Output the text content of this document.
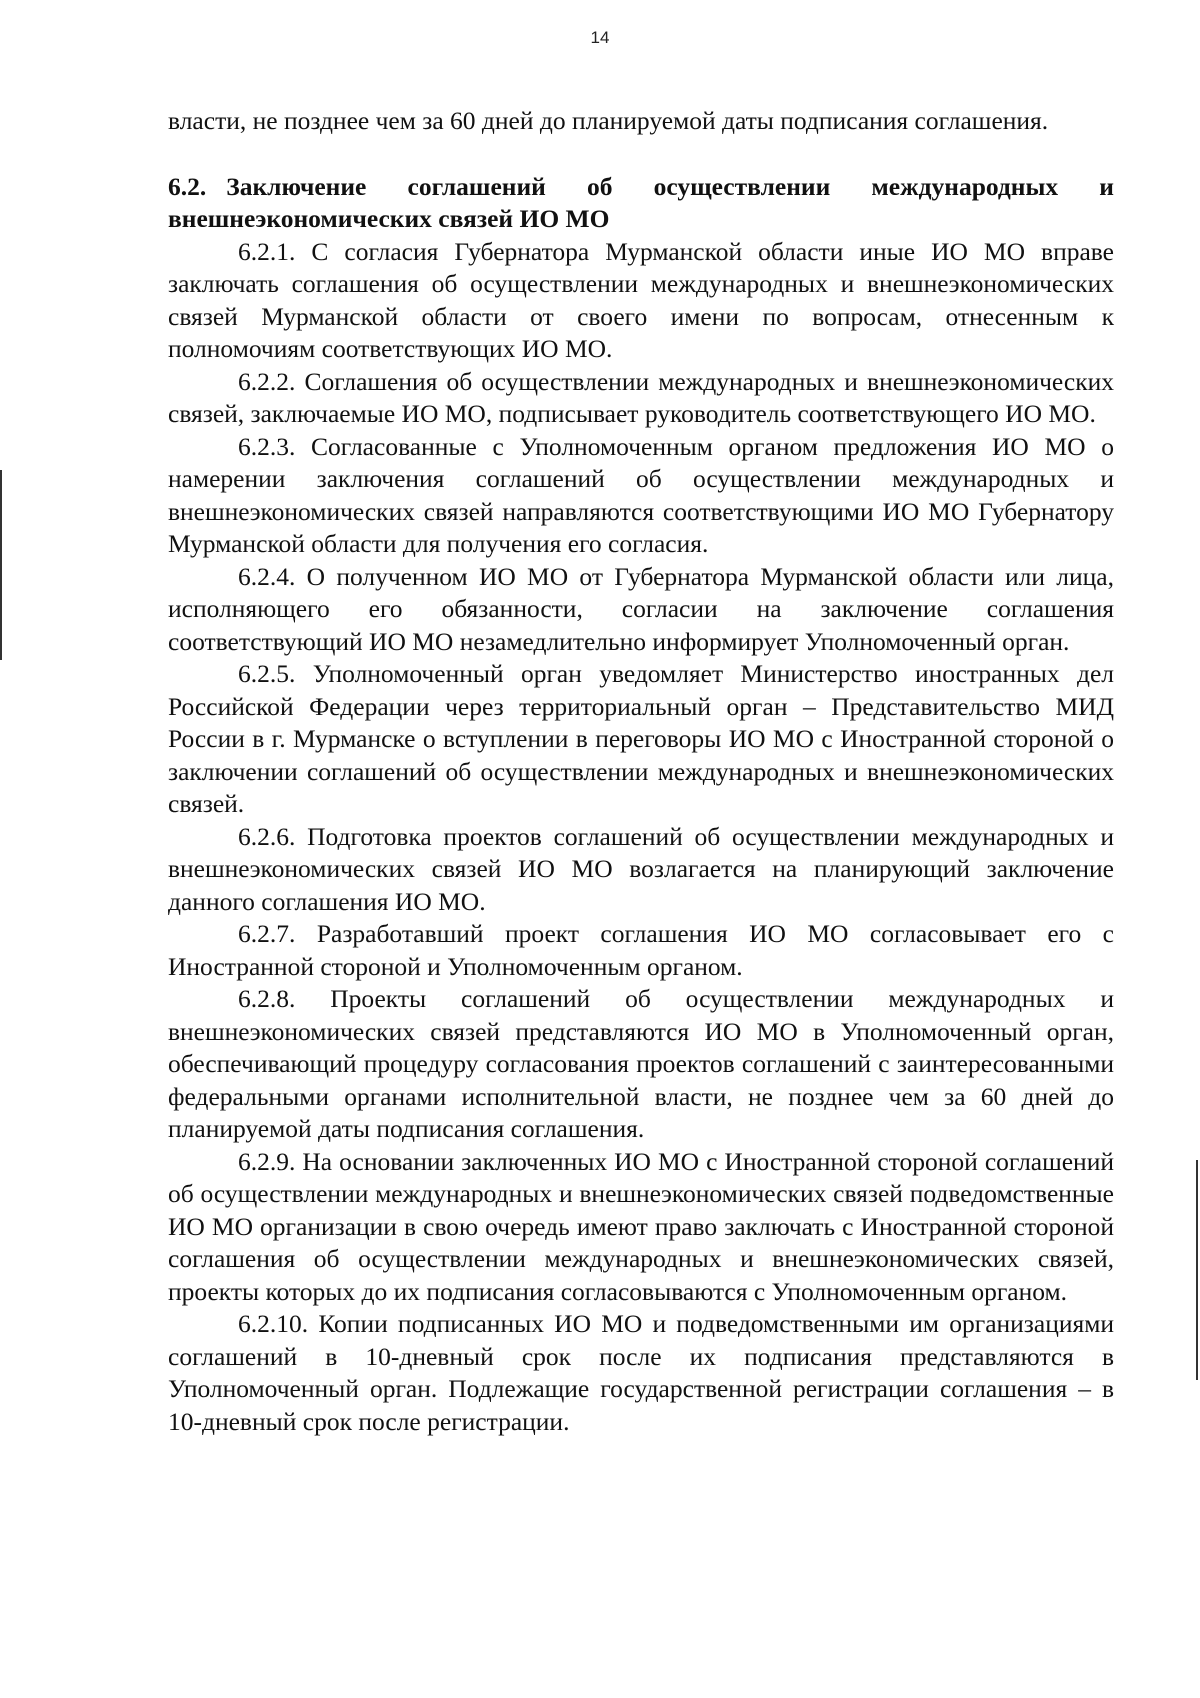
14

власти, не позднее чем за 60 дней до планируемой даты подписания соглашения.

6.2. Заключение соглашений об осуществлении международных и внешнеэкономических связей ИО МО

6.2.1. С согласия Губернатора Мурманской области иные ИО МО вправе заключать соглашения об осуществлении международных и внешнеэкономических связей Мурманской области от своего имени по вопросам, отнесенным к полномочиям соответствующих ИО МО.

6.2.2. Соглашения об осуществлении международных и внешнеэкономических связей, заключаемые ИО МО, подписывает руководитель соответствующего ИО МО.

6.2.3. Согласованные с Уполномоченным органом предложения ИО МО о намерении заключения соглашений об осуществлении международных и внешнеэкономических связей направляются соответствующими ИО МО Губернатору Мурманской области для получения его согласия.

6.2.4. О полученном ИО МО от Губернатора Мурманской области или лица, исполняющего его обязанности, согласии на заключение соглашения соответствующий ИО МО незамедлительно информирует Уполномоченный орган.

6.2.5. Уполномоченный орган уведомляет Министерство иностранных дел Российской Федерации через территориальный орган – Представительство МИД России в г. Мурманске о вступлении в переговоры ИО МО с Иностранной стороной о заключении соглашений об осуществлении международных и внешнеэкономических связей.

6.2.6. Подготовка проектов соглашений об осуществлении международных и внешнеэкономических связей ИО МО возлагается на планирующий заключение данного соглашения ИО МО.

6.2.7. Разработавший проект соглашения ИО МО согласовывает его с Иностранной стороной и Уполномоченным органом.

6.2.8. Проекты соглашений об осуществлении международных и внешнеэкономических связей представляются ИО МО в Уполномоченный орган, обеспечивающий процедуру согласования проектов соглашений с заинтересованными федеральными органами исполнительной власти, не позднее чем за 60 дней до планируемой даты подписания соглашения.

6.2.9. На основании заключенных ИО МО с Иностранной стороной соглашений об осуществлении международных и внешнеэкономических связей подведомственные ИО МО организации в свою очередь имеют право заключать с Иностранной стороной соглашения об осуществлении международных и внешнеэкономических связей, проекты которых до их подписания согласовываются с Уполномоченным органом.

6.2.10. Копии подписанных ИО МО и подведомственными им организациями соглашений в 10-дневный срок после их подписания представляются в Уполномоченный орган. Подлежащие государственной регистрации соглашения – в 10-дневный срок после регистрации.
